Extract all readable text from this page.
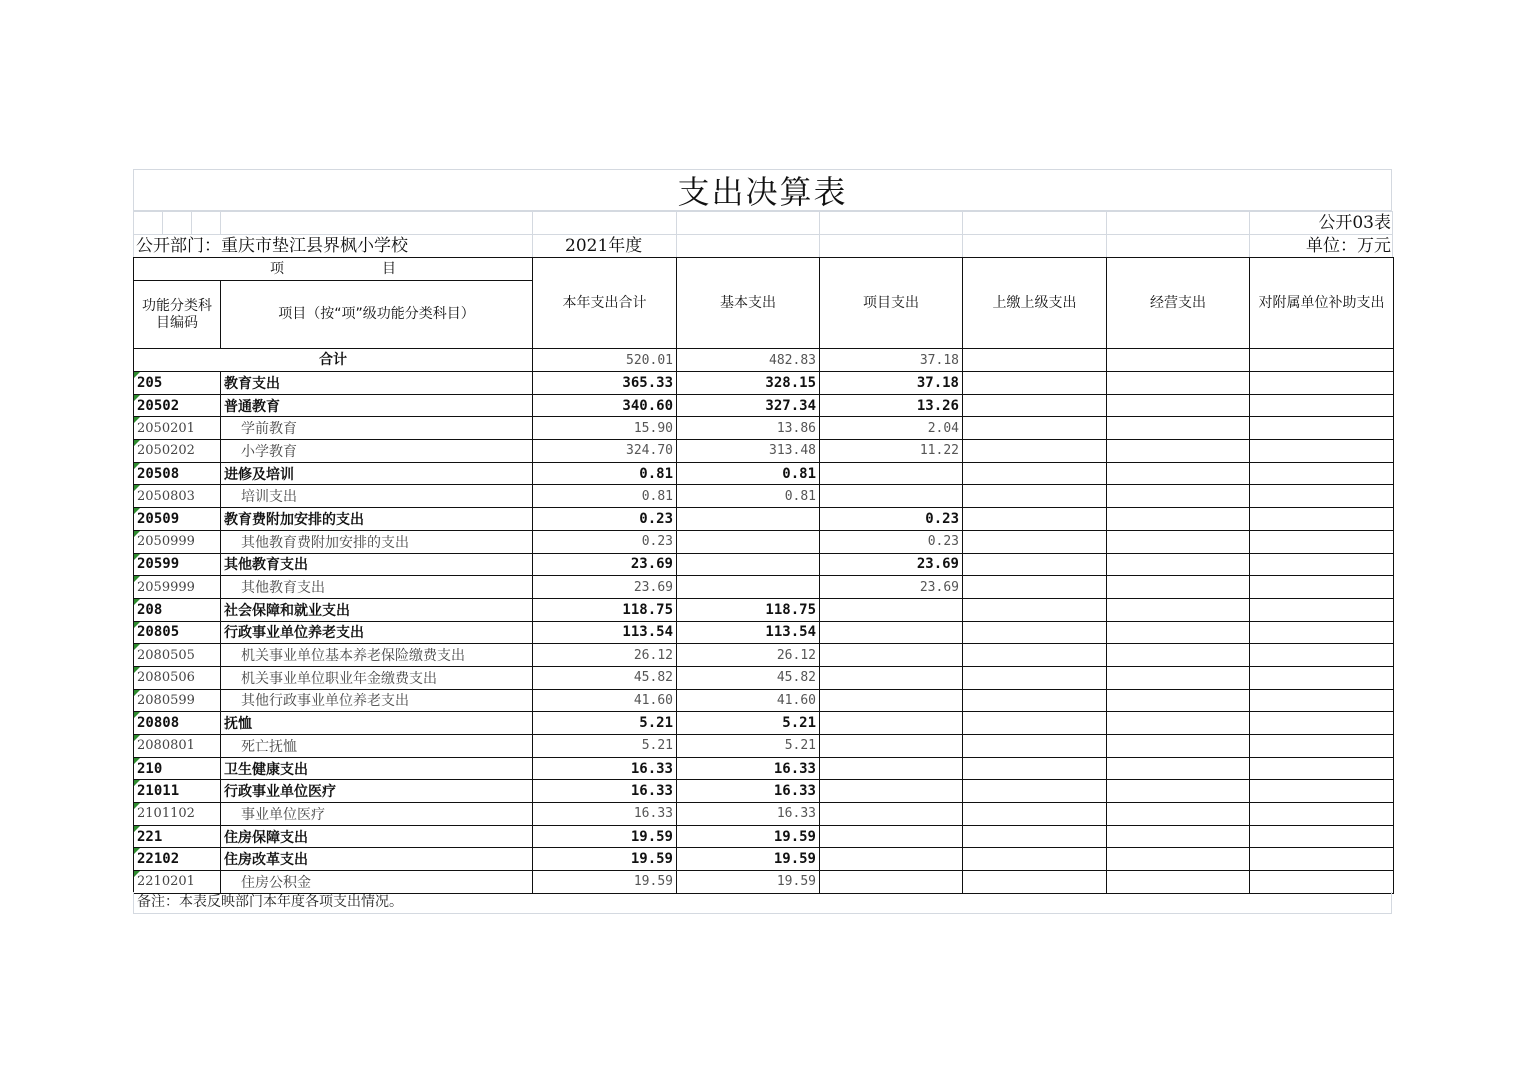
支出决算表
公开03表
公开部门：重庆市垫江县界枫小学校	2021年度	单位：万元
项　　　　　　　目		本年支出合计	基本支出	项目支出	上缴上级支出	经营支出	对附属单位补助支出
功能分类科目编码	项目（按“项”级功能分类科目）						
合计		520.01	482.83	37.18			
205	教育支出	365.33	328.15	37.18			
20502	普通教育	340.60	327.34	13.26			
2050201	学前教育	15.90	13.86	2.04			
2050202	小学教育	324.70	313.48	11.22			
20508	进修及培训	0.81	0.81				
2050803	培训支出	0.81	0.81				
20509	教育费附加安排的支出	0.23		0.23			
2050999	其他教育费附加安排的支出	0.23		0.23			
20599	其他教育支出	23.69		23.69			
2059999	其他教育支出	23.69		23.69			
208	社会保障和就业支出	118.75	118.75				
20805	行政事业单位养老支出	113.54	113.54				
2080505	机关事业单位基本养老保险缴费支出	26.12	26.12				
2080506	机关事业单位职业年金缴费支出	45.82	45.82				
2080599	其他行政事业单位养老支出	41.60	41.60				
20808	抚恤	5.21	5.21				
2080801	死亡抚恤	5.21	5.21				
210	卫生健康支出	16.33	16.33				
21011	行政事业单位医疗	16.33	16.33				
2101102	事业单位医疗	16.33	16.33				
221	住房保障支出	19.59	19.59				
22102	住房改革支出	19.59	19.59				
2210201	住房公积金	19.59	19.59				
备注：本表反映部门本年度各项支出情况。
